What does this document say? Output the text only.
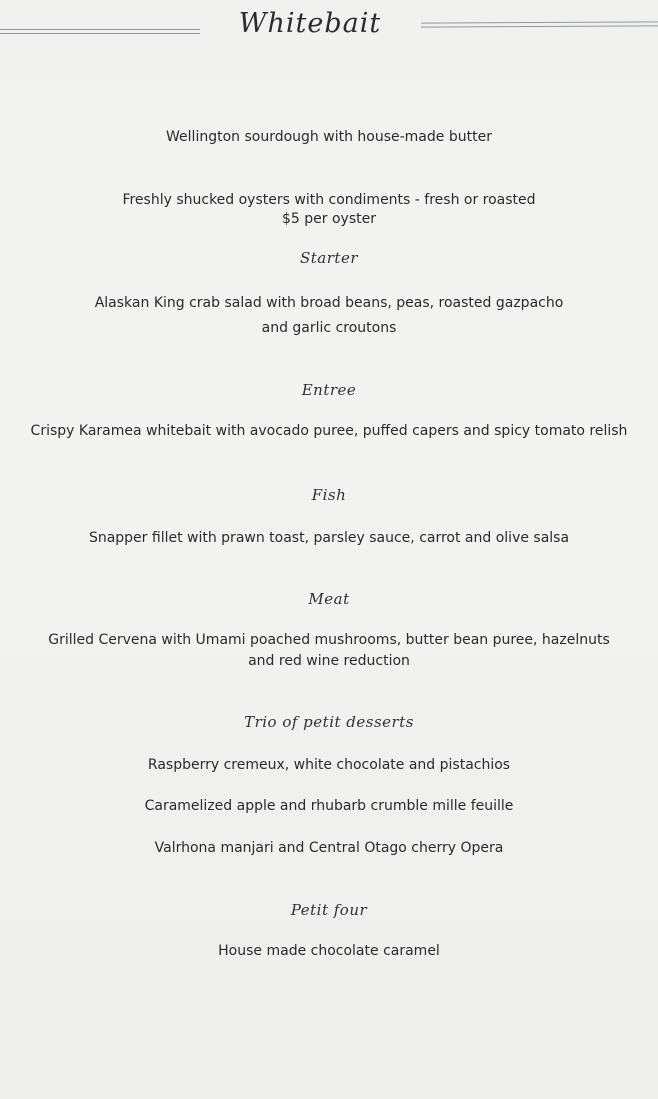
Whitebait
Wellington sourdough with house-made butter
Freshly shucked oysters with condiments - fresh or roasted
$5 per oyster
Starter
Alaskan King crab salad with broad beans, peas, roasted gazpacho
and garlic croutons
Entree
Crispy Karamea whitebait with avocado puree, puffed capers and spicy tomato relish
Fish
Snapper fillet with prawn toast, parsley sauce, carrot and olive salsa
Meat
Grilled Cervena with Umami poached mushrooms, butter bean puree, hazelnuts
and red wine reduction
Trio of petit desserts
Raspberry cremeux, white chocolate and pistachios
Caramelized apple and rhubarb crumble mille feuille
Valrhona manjari and Central Otago cherry Opera
Petit four
House made chocolate caramel
